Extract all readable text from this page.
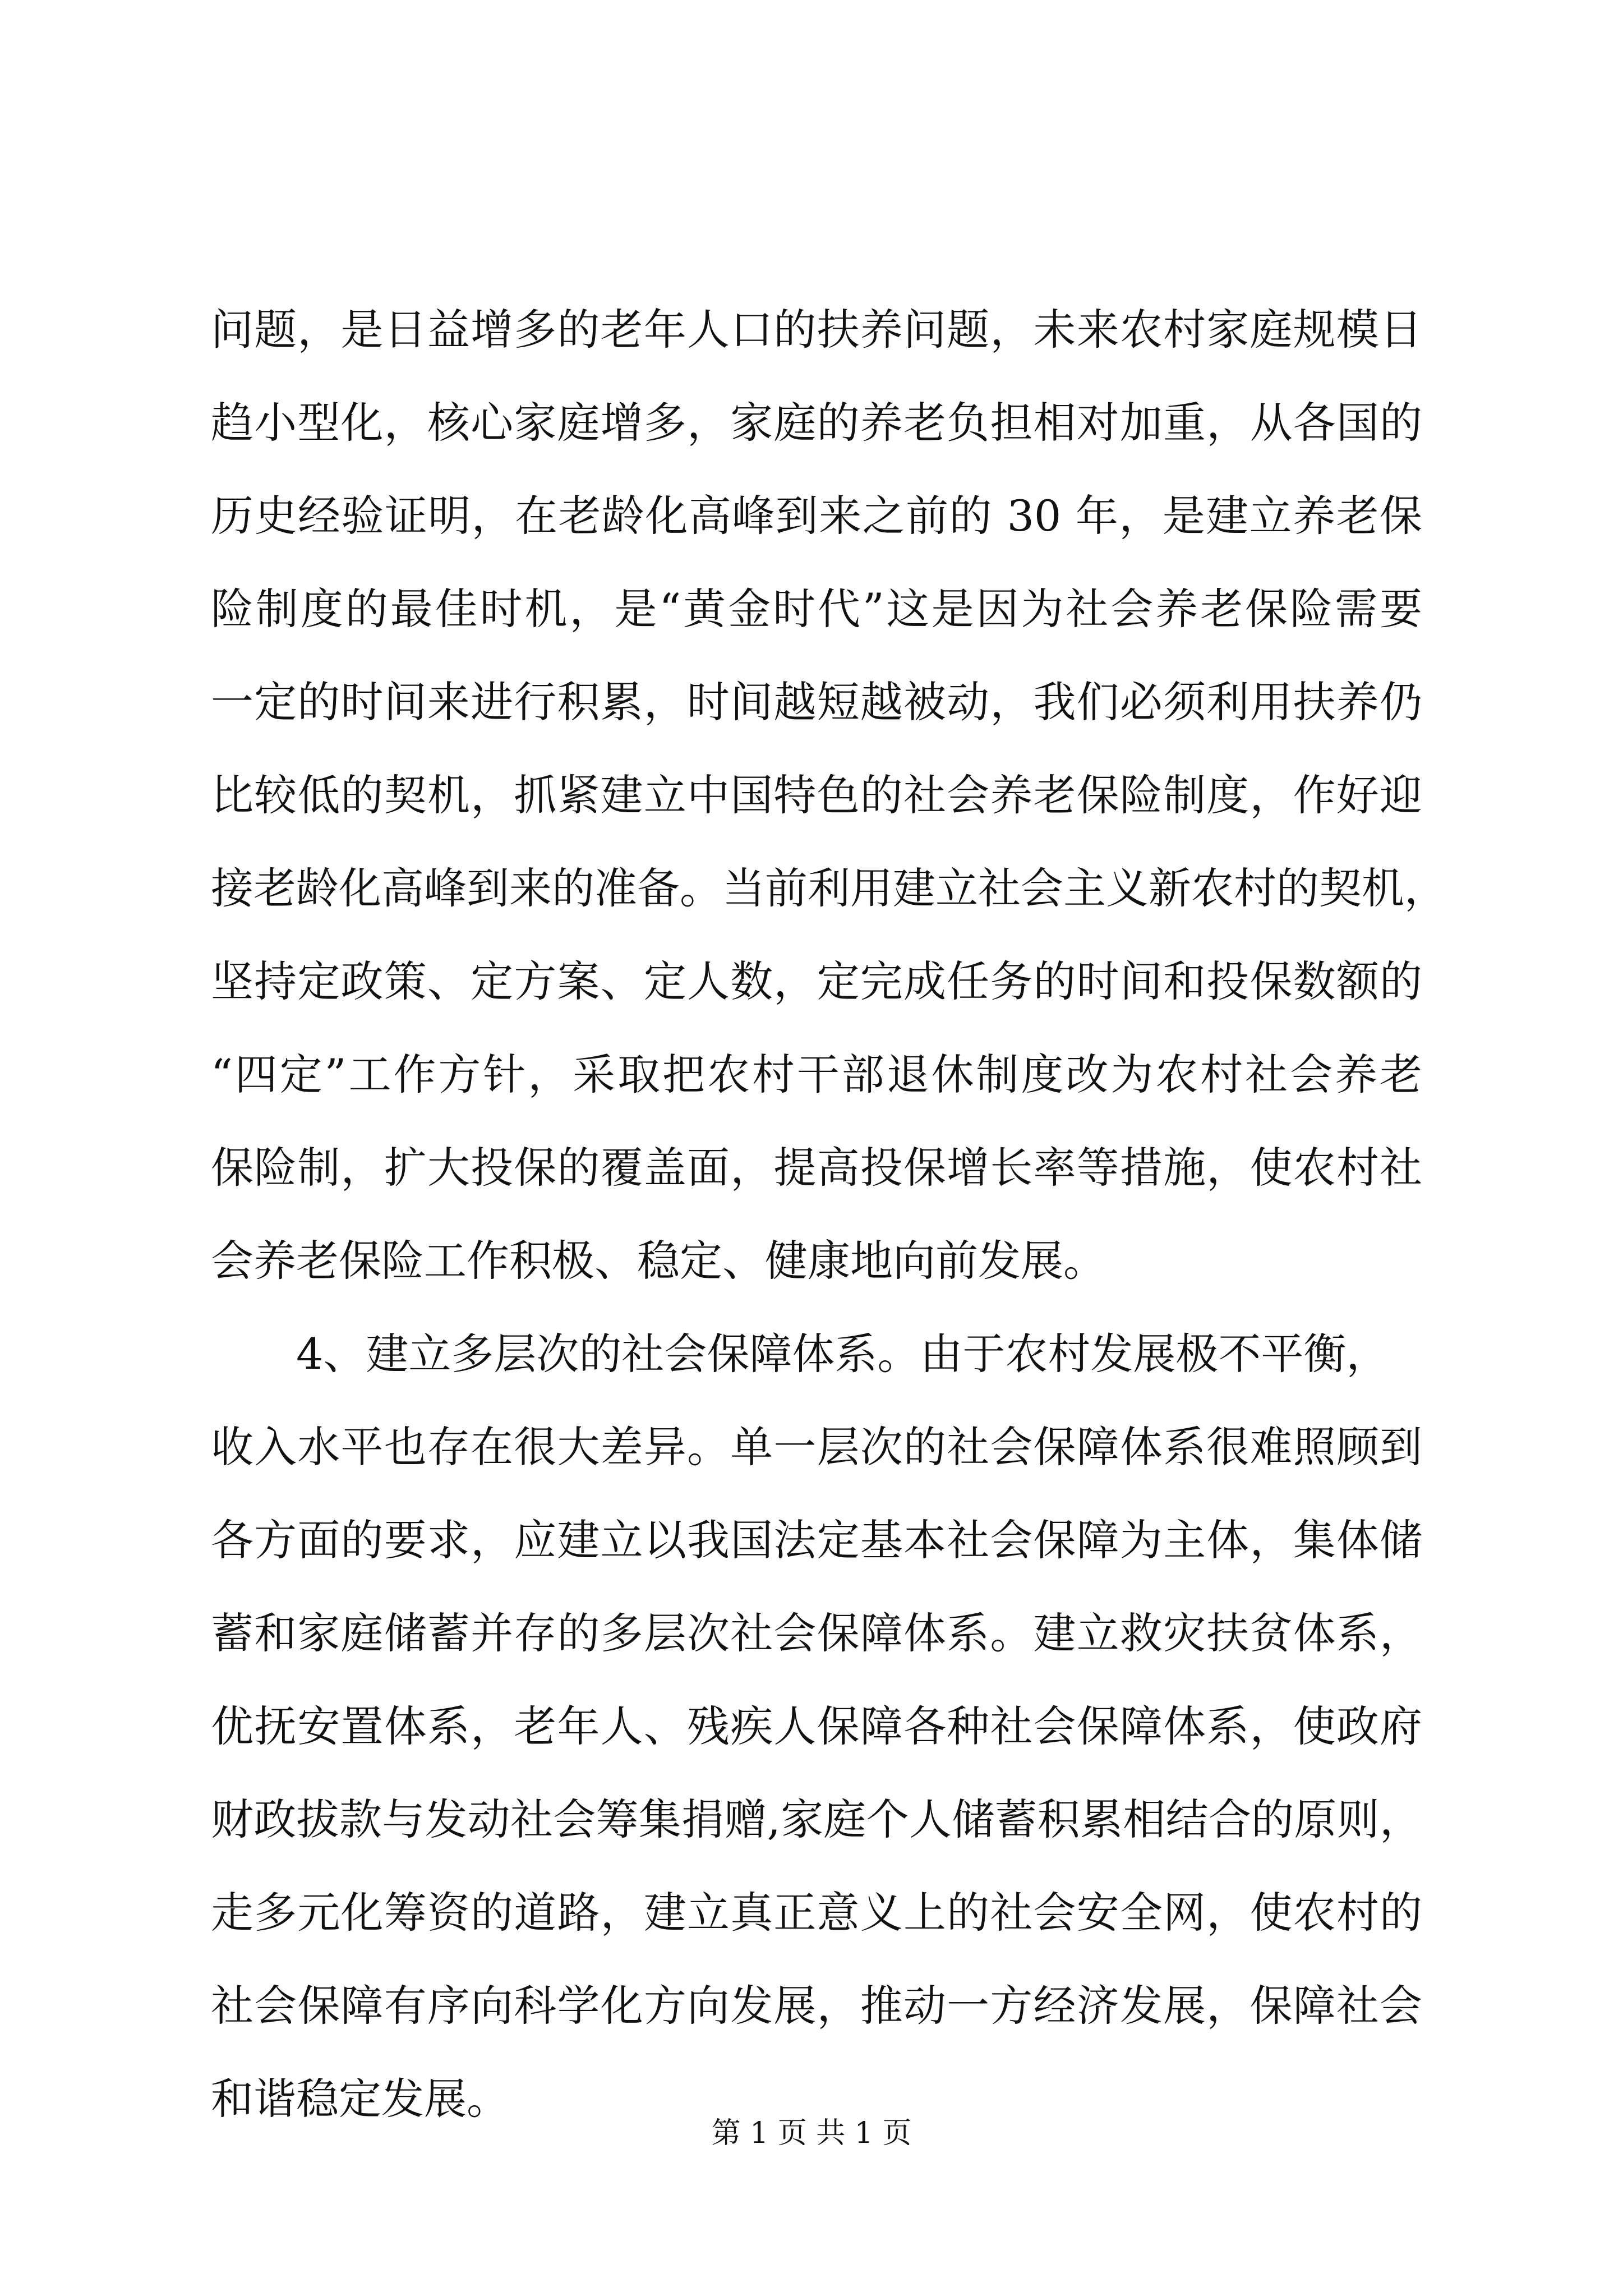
问题，是日益增多的老年人口的扶养问题，未来农村家庭规模日
趋小型化，核心家庭增多，家庭的养老负担相对加重，从各国的
历史经验证明，在老龄化高峰到来之前的 30 年，是建立养老保
险制度的最佳时机，是“黄金时代”这是因为社会养老保险需要
一定的时间来进行积累，时间越短越被动，我们必须利用扶养仍
比较低的契机，抓紧建立中国特色的社会养老保险制度，作好迎
接老龄化高峰到来的准备。当前利用建立社会主义新农村的契机，
坚持定政策、定方案、定人数，定完成任务的时间和投保数额的
“四定”工作方针，采取把农村干部退休制度改为农村社会养老
保险制，扩大投保的覆盖面，提高投保增长率等措施，使农村社
会养老保险工作积极、稳定、健康地向前发展。
4、建立多层次的社会保障体系。由于农村发展极不平衡，
收入水平也存在很大差异。单一层次的社会保障体系很难照顾到
各方面的要求，应建立以我国法定基本社会保障为主体，集体储
蓄和家庭储蓄并存的多层次社会保障体系。建立救灾扶贫体系，
优抚安置体系，老年人、残疾人保障各种社会保障体系，使政府
财政拔款与发动社会筹集捐赠,家庭个人储蓄积累相结合的原则，
走多元化筹资的道路，建立真正意义上的社会安全网，使农村的
社会保障有序向科学化方向发展，推动一方经济发展，保障社会
和谐稳定发展。
第 1 页 共 1 页
